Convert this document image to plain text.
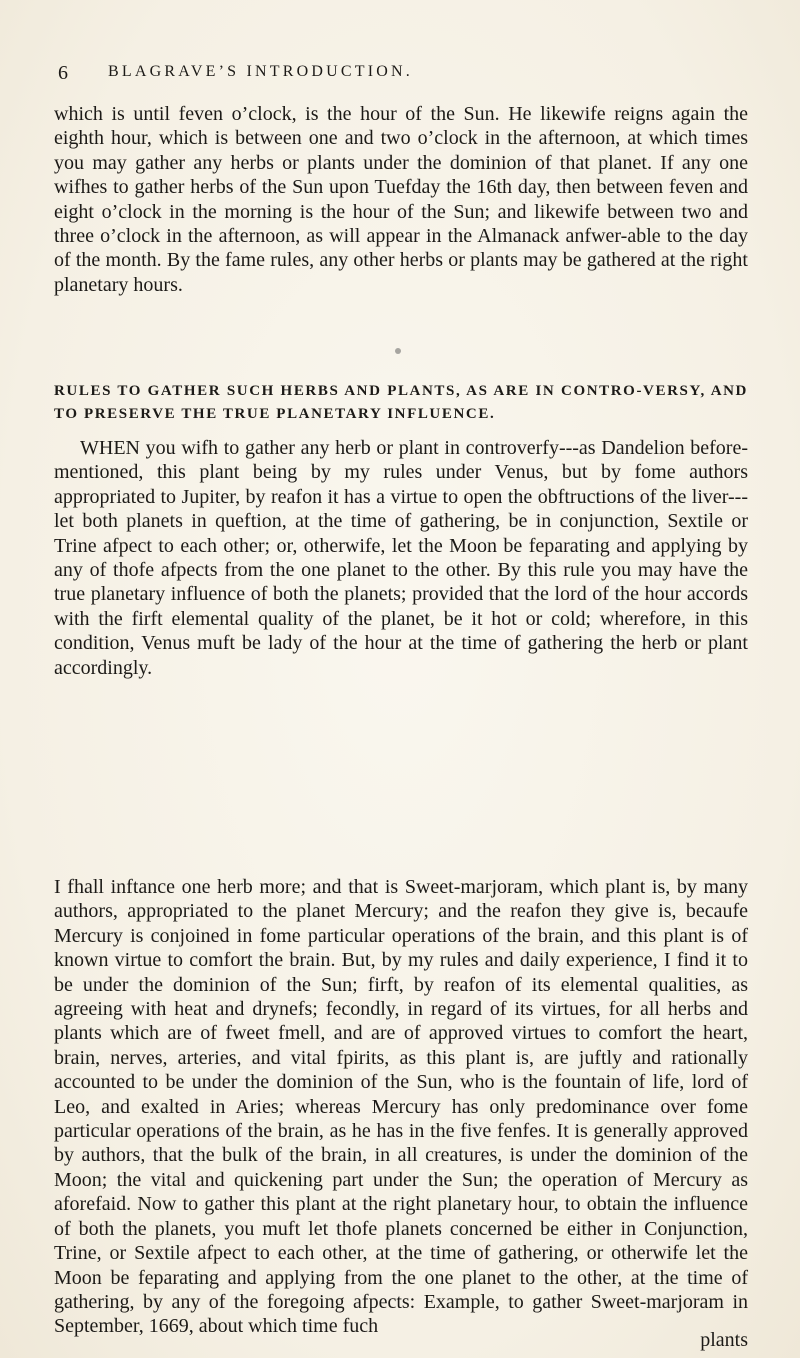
6	BLAGRAVE’S INTRODUCTION.
which is until feven o’clock, is the hour of the Sun. He likewife reigns again the eighth hour, which is between one and two o’clock in the afternoon, at which times you may gather any herbs or plants under the dominion of that planet. If any one wifhes to gather herbs of the Sun upon Tuefday the 16th day, then between feven and eight o’clock in the morning is the hour of the Sun; and likewife between two and three o’clock in the afternoon, as will appear in the Almanack anfwer-able to the day of the month. By the fame rules, any other herbs or plants may be gathered at the right planetary hours.
RULES TO GATHER SUCH HERBS AND PLANTS, AS ARE IN CONTRO-VERSY, AND TO PRESERVE THE TRUE PLANETARY INFLUENCE.
WHEN you wifh to gather any herb or plant in controverfy---as Dandelion before-mentioned, this plant being by my rules under Venus, but by fome authors appropriated to Jupiter, by reafon it has a virtue to open the obftructions of the liver---let both planets in queftion, at the time of gathering, be in conjunction, Sextile or Trine afpect to each other; or, otherwife, let the Moon be feparating and applying by any of thofe afpects from the one planet to the other. By this rule you may have the true planetary influence of both the planets; provided that the lord of the hour accords with the firft elemental quality of the planet, be it hot or cold; wherefore, in this condition, Venus muft be lady of the hour at the time of gathering the herb or plant accordingly.
I fhall inftance one herb more; and that is Sweet-marjoram, which plant is, by many authors, appropriated to the planet Mercury; and the reafon they give is, becaufe Mercury is conjoined in fome particular operations of the brain, and this plant is of known virtue to comfort the brain. But, by my rules and daily experience, I find it to be under the dominion of the Sun; firft, by reafon of its elemental qualities, as agreeing with heat and drynefs; fecondly, in regard of its virtues, for all herbs and plants which are of fweet fmell, and are of approved virtues to comfort the heart, brain, nerves, arteries, and vital fpirits, as this plant is, are juftly and rationally accounted to be under the dominion of the Sun, who is the fountain of life, lord of Leo, and exalted in Aries; whereas Mercury has only predominance over fome particular operations of the brain, as he has in the five fenfes. It is generally approved by authors, that the bulk of the brain, in all creatures, is under the dominion of the Moon; the vital and quickening part under the Sun; the operation of Mercury as aforefaid. Now to gather this plant at the right planetary hour, to obtain the influence of both the planets, you muft let thofe planets concerned be either in Conjunction, Trine, or Sextile afpect to each other, at the time of gathering, or otherwife let the Moon be feparating and applying from the one planet to the other, at the time of gathering, by any of the foregoing afpects: Example, to gather Sweet-marjoram in September, 1669, about which time fuch
plants
